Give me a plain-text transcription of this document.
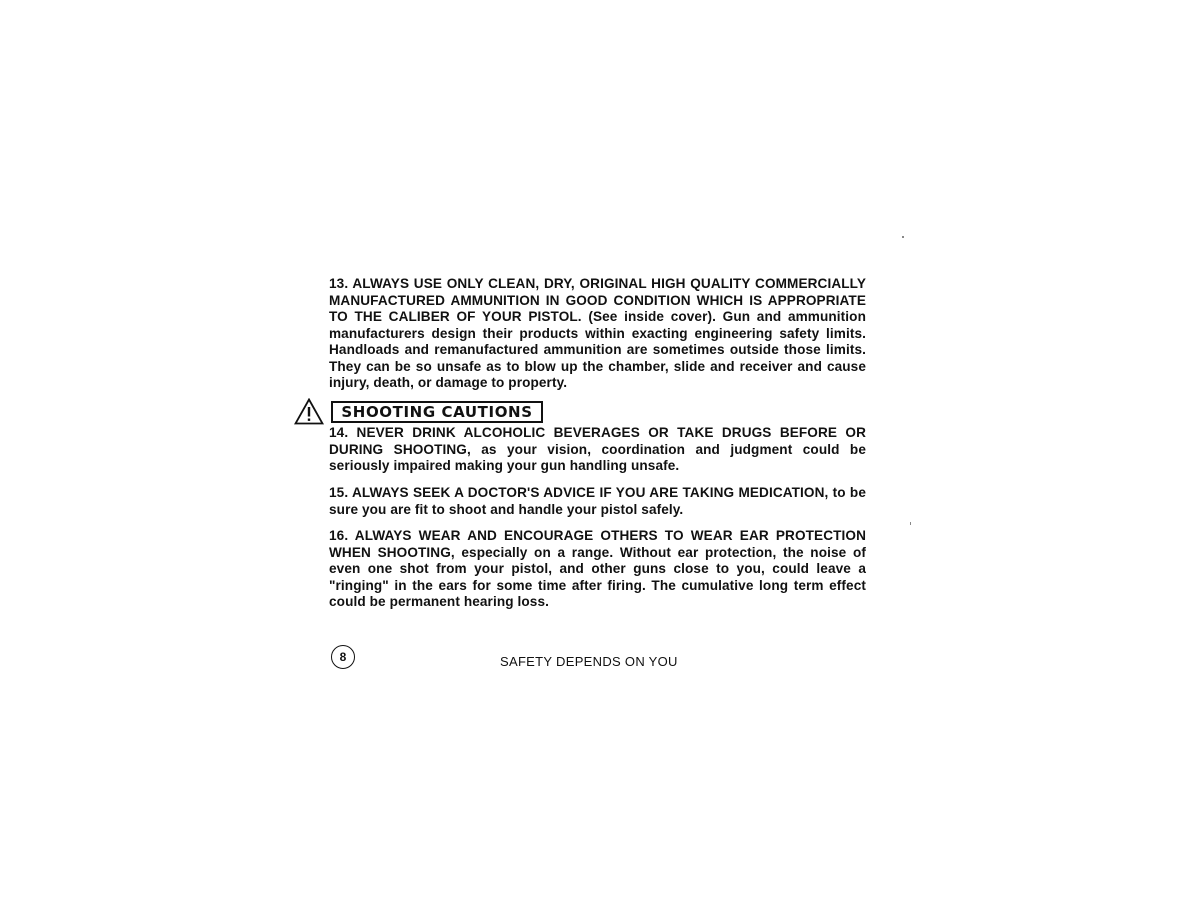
13. ALWAYS USE ONLY CLEAN, DRY, ORIGINAL HIGH QUALITY COMMERCIALLY MANUFACTURED AMMUNITION IN GOOD CONDITION WHICH IS APPROPRIATE TO THE CALIBER OF YOUR PISTOL. (See inside cover). Gun and ammunition manufacturers design their products within exacting engineering safety limits. Handloads and remanufactured ammunition are sometimes outside those limits. They can be so unsafe as to blow up the chamber, slide and receiver and cause injury, death, or damage to property.
SHOOTING CAUTIONS
14. NEVER DRINK ALCOHOLIC BEVERAGES OR TAKE DRUGS BEFORE OR DURING SHOOTING, as your vision, coordination and judgment could be seriously impaired making your gun handling unsafe.
15. ALWAYS SEEK A DOCTOR'S ADVICE IF YOU ARE TAKING MEDICATION, to be sure you are fit to shoot and handle your pistol safely.
16. ALWAYS WEAR AND ENCOURAGE OTHERS TO WEAR EAR PROTECTION WHEN SHOOTING, especially on a range. Without ear protection, the noise of even one shot from your pistol, and other guns close to you, could leave a "ringing" in the ears for some time after firing. The cumulative long term effect could be permanent hearing loss.
8	SAFETY DEPENDS ON YOU
